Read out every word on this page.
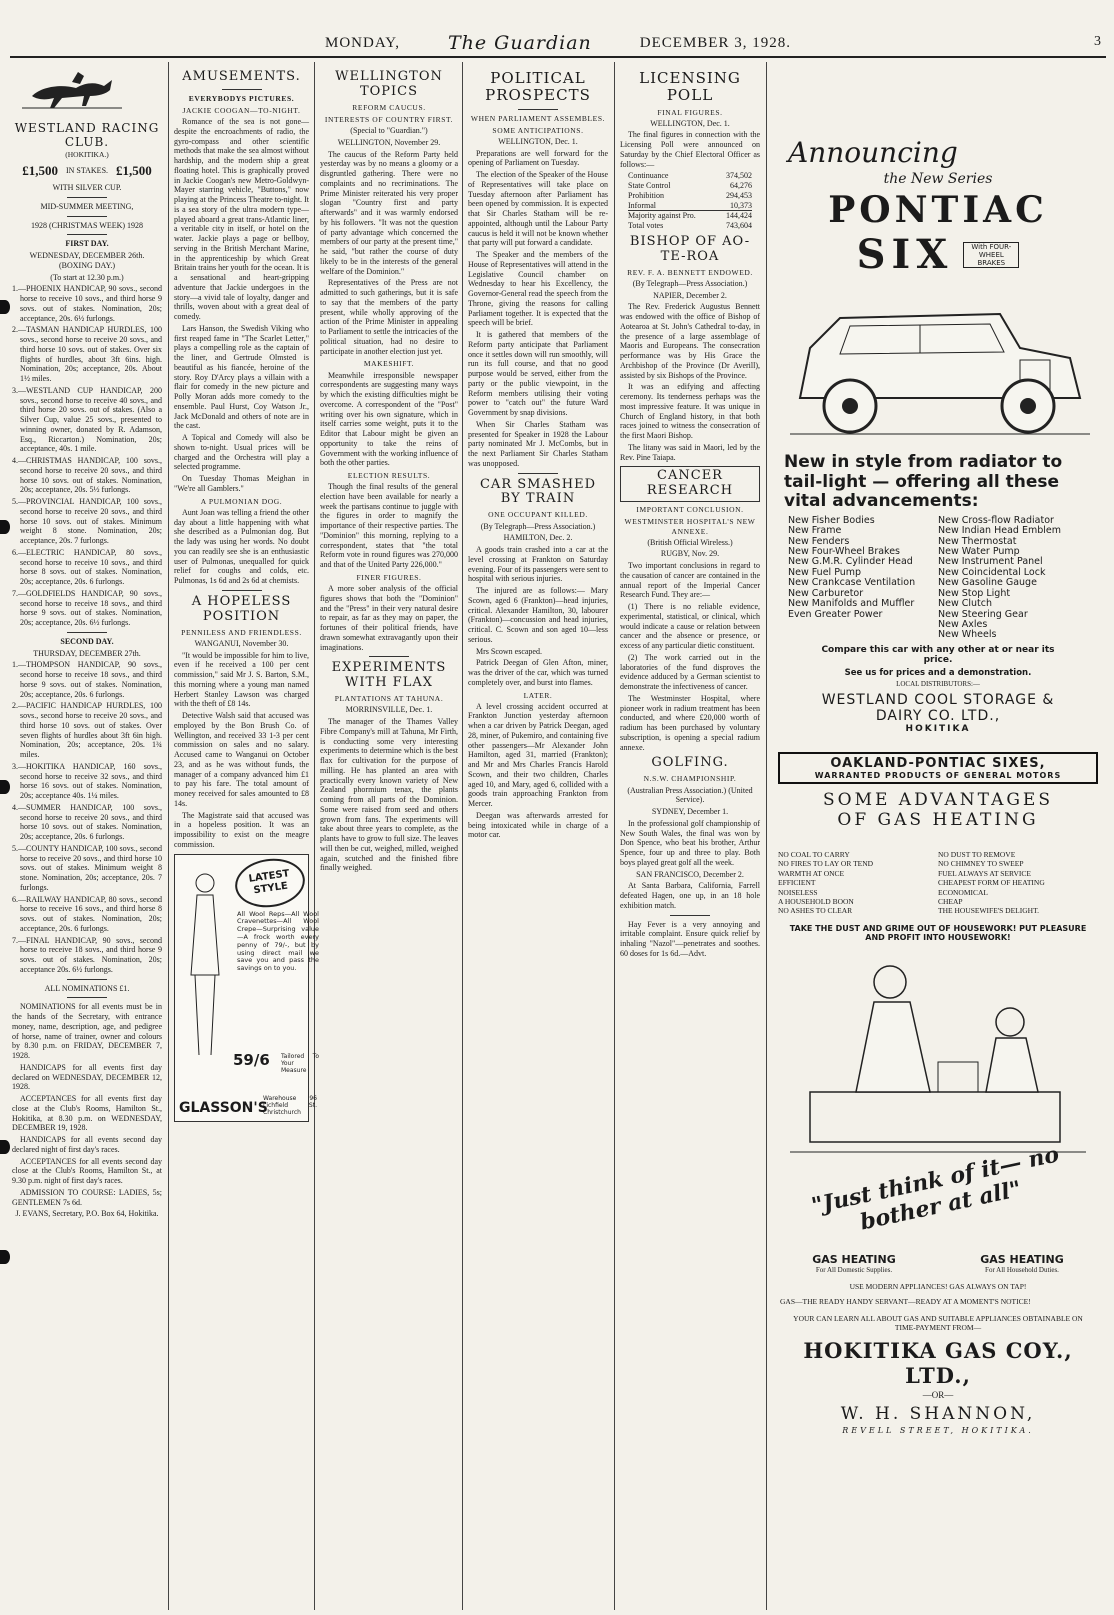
MONDAY,	The Guardian	DECEMBER 3, 1928.	3
WESTLAND RACING CLUB.
(HOKITIKA.)
£1,500 IN STAKES. £1,500

WITH SILVER CUP.

MID-SUMMER MEETING,

1928 (CHRISTMAS WEEK) 1928

FIRST DAY.

WEDNESDAY, DECEMBER 26th. (BOXING DAY.)

(To start at 12.30 p.m.)

1.—PHOENIX HANDICAP, 90 sovs., second horse to receive 10 sovs., and third horse 9 sovs. out of stakes. Nomination, 20s; acceptance, 20s. 6½ furlongs.

2.—TASMAN HANDICAP HURDLES, 100 sovs., second horse to receive 20 sovs., and third horse 10 sovs. out of stakes. Over six flights of hurdles, about 3ft 6ins. high. Nomination, 20s; acceptance, 20s. About 1½ miles.

3.—WESTLAND CUP HANDICAP, 200 sovs., second horse to receive 40 sovs., and third horse 20 sovs. out of stakes. (Also a Silver Cup, value 25 sovs., presented to winning owner, donated by R. Adamson, Esq., Riccarton.) Nomination, 20s; acceptance, 40s. 1 mile.

4.—CHRISTMAS HANDICAP, 100 sovs., second horse to receive 20 sovs., and third horse 10 sovs. out of stakes. Nomination, 20s; acceptance, 20s. 5½ furlongs.

5.—PROVINCIAL HANDICAP, 100 sovs., second horse to receive 20 sovs., and third horse 10 sovs. out of stakes. Minimum weight 8 stone. Nomination, 20s; acceptance, 20s. 7 furlongs.

6.—ELECTRIC HANDICAP, 80 sovs., second horse to receive 10 sovs., and third horse 8 sovs. out of stakes. Nomination, 20s; acceptance, 20s. 6 furlongs.

7.—GOLDFIELDS HANDICAP, 90 sovs., second horse to receive 18 sovs., and third horse 9 sovs. out of stakes. Nomination, 20s; acceptance, 20s. 6½ furlongs.

SECOND DAY.

THURSDAY, DECEMBER 27th.

1.—THOMPSON HANDICAP, 90 sovs., second horse to receive 18 sovs., and third horse 9 sovs. out of stakes. Nomination, 20s; acceptance, 20s. 6 furlongs.

2.—PACIFIC HANDICAP HURDLES, 100 sovs., second horse to receive 20 sovs., and third horse 10 sovs. out of stakes. Over seven flights of hurdles about 3ft 6in high. Nomination, 20s; acceptance, 20s. 1¾ miles.

3.—HOKITIKA HANDICAP, 160 sovs., second horse to receive 32 sovs., and third horse 16 sovs. out of stakes. Nomination, 20s; acceptance 40s. 1¼ miles.

4.—SUMMER HANDICAP, 100 sovs., second horse to receive 20 sovs., and third horse 10 sovs. out of stakes. Nomination, 20s; acceptance, 20s. 6 furlongs.

5.—COUNTY HANDICAP, 100 sovs., second horse to receive 20 sovs., and third horse 10 sovs. out of stakes. Minimum weight 8 stone. Nomination, 20s; acceptance, 20s. 7 furlongs.

6.—RAILWAY HANDICAP, 80 sovs., second horse to receive 16 sovs., and third horse 8 sovs. out of stakes. Nomination, 20s; acceptance, 20s. 6 furlongs.

7.—FINAL HANDICAP, 90 sovs., second horse to receive 18 sovs., and third horse 9 sovs. out of stakes. Nomination, 20s; acceptance 20s. 6½ furlongs.

ALL NOMINATIONS £1.

NOMINATIONS for all events must be in the hands of the Secretary, with entrance money, name, description, age, and pedigree of horse, name of trainer, owner and colours by 8.30 p.m. on FRIDAY, DECEMBER 7, 1928.

HANDICAPS for all events first day declared on WEDNESDAY, DECEMBER 12, 1928.

ACCEPTANCES for all events first day close at the Club's Rooms, Hamilton St., Hokitika, at 8.30 p.m. on WEDNESDAY, DECEMBER 19, 1928.

HANDICAPS for all events second day declared night of first day's races.

ACCEPTANCES for all events second day close at the Club's Rooms, Hamilton St., at 9.30 p.m. night of first day's races.

ADMISSION TO COURSE: LADIES, 5s; GENTLEMEN 7s 6d.

J. EVANS, Secretary, P.O. Box 64, Hokitika.

AMUSEMENTS.

EVERYBODYS PICTURES.

JACKIE COOGAN—TO-NIGHT.

Romance of the sea is not gone—despite the encroachments of radio, the gyro-compass and other scientific methods that make the sea almost without hardship, and the modern ship a great floating hotel. This is graphically proved in Jackie Coogan's new Metro-Goldwyn-Mayer starring vehicle, "Buttons," now playing at the Princess Theatre to-night. It is a sea story of the ultra modern type—played aboard a great trans-Atlantic liner, a veritable city in itself, or hotel on the water. Jackie plays a page or bellboy, serving in the British Merchant Marine, in the apprenticeship by which Great Britain trains her youth for the ocean. It is a sensational and heart-gripping adventure that Jackie undergoes in the story—a vivid tale of loyalty, danger and thrills, woven about with a great deal of comedy.

Lars Hanson, the Swedish Viking who first reaped fame in "The Scarlet Letter," plays a compelling role as the captain of the liner, and Gertrude Olmsted is beautiful as his fiancée, heroine of the story. Roy D'Arcy plays a villain with a flair for comedy in the new picture and Polly Moran adds more comedy to the ensemble. Paul Hurst, Coy Watson Jr., Jack McDonald and others of note are in the cast.

A Topical and Comedy will also be shown to-night. Usual prices will be charged and the Orchestra will play a selected programme.

On Tuesday Thomas Meighan in "We're all Gamblers."

A PULMONIAN DOG.

Aunt Joan was telling a friend the other day about a little happening with what she described as a Pulmonian dog. But the lady was using her words. No doubt you can readily see she is an enthusiastic user of Pulmonas, unequalled for quick relief for coughs and colds, etc. Pulmonas, 1s 6d and 2s 6d at chemists.

A HOPELESS POSITION

PENNILESS AND FRIENDLESS.

WANGANUI, November 30.

"It would be impossible for him to live, even if he received a 100 per cent commission," said Mr J. S. Barton, S.M., this morning where a young man named Herbert Stanley Lawson was charged with the theft of £8 14s.

Detective Walsh said that accused was employed by the Bon Brush Co. of Wellington, and received 33 1-3 per cent commission on sales and no salary. Accused came to Wanganui on October 23, and as he was without funds, the manager of a company advanced him £1 to pay his fare. The total amount of money received for sales amounted to £8 14s.

The Magistrate said that accused was in a hopeless position. It was an impossibility to exist on the meagre commission.

LATEST STYLE
All Wool Reps—All Wool Cravenettes—All Wool Crepe—Surprising value—A frock worth every penny of 79/-, but by using direct mail we save you and pass the savings on to you.
59/6 Tailored To Your Measure
GLASSON'S
Warehouse 96 Lichfield St. Christchurch
WELLINGTON TOPICS

REFORM CAUCUS.

INTERESTS OF COUNTRY FIRST.

(Special to "Guardian.")

WELLINGTON, November 29.

The caucus of the Reform Party held yesterday was by no means a gloomy or a disgruntled gathering. There were no complaints and no recriminations. The Prime Minister reiterated his very proper slogan "Country first and party afterwards" and it was warmly endorsed by his followers. "It was not the question of party advantage which concerned the members of our party at the present time," he said, "but rather the course of duty likely to be in the interests of the general welfare of the Dominion."

Representatives of the Press are not admitted to such gatherings, but it is safe to say that the members of the party present, while wholly approving of the action of the Prime Minister in appealing to Parliament to settle the intricacies of the political situation, had no desire to participate in another election just yet.

MAKESHIFT.

Meanwhile irresponsible newspaper correspondents are suggesting many ways by which the existing difficulties might be overcome. A correspondent of the "Post" writing over his own signature, which in itself carries some weight, puts it to the Editor that Labour might be given an opportunity to take the reins of Government with the working influence of both the other parties.

ELECTION RESULTS.

Though the final results of the general election have been available for nearly a week the partisans continue to juggle with the figures in order to magnify the importance of their respective parties. The "Dominion" this morning, replying to a correspondent, states that "the total Reform vote in round figures was 270,000 and that of the United Party 226,000."

FINER FIGURES.

A more sober analysis of the official figures shows that both the "Dominion" and the "Press" in their very natural desire to repair, as far as they may on paper, the fortunes of their political friends, have drawn somewhat extravagantly upon their imaginations.

EXPERIMENTS WITH FLAX

PLANTATIONS AT TAHUNA.

MORRINSVILLE, Dec. 1.

The manager of the Thames Valley Fibre Company's mill at Tahuna, Mr Firth, is conducting some very interesting experiments to determine which is the best flax for cultivation for the purpose of milling. He has planted an area with practically every known variety of New Zealand phormium tenax, the plants coming from all parts of the Dominion. Some were raised from seed and others grown from fans. The experiments will take about three years to complete, as the plants have to grow to full size. The leaves will then be cut, weighed, milled, weighed again, scutched and the finished fibre finally weighed.

POLITICAL PROSPECTS

WHEN PARLIAMENT ASSEMBLES.

SOME ANTICIPATIONS.

WELLINGTON, Dec. 1.

Preparations are well forward for the opening of Parliament on Tuesday.

The election of the Speaker of the House of Representatives will take place on Tuesday afternoon after Parliament has been opened by commission. It is expected that Sir Charles Statham will be re-appointed, although until the Labour Party caucus is held it will not be known whether that party will put forward a candidate.

The Speaker and the members of the House of Representatives will attend in the Legislative Council chamber on Wednesday to hear his Excellency, the Governor-General read the speech from the Throne, giving the reasons for calling Parliament together. It is expected that the speech will be brief.

It is gathered that members of the Reform party anticipate that Parliament once it settles down will run smoothly, will run its full course, and that no good purpose would be served, either from the party or the public viewpoint, in the Reform members utilising their voting power to "catch out" the future Ward Government by snap divisions.

When Sir Charles Statham was presented for Speaker in 1928 the Labour party nominated Mr J. McCombs, but in the next Parliament Sir Charles Statham was unopposed.

CAR SMASHED BY TRAIN

ONE OCCUPANT KILLED.

(By Telegraph—Press Association.)

HAMILTON, Dec. 2.

A goods train crashed into a car at the level crossing at Frankton on Saturday evening. Four of its passengers were sent to hospital with serious injuries.

The injured are as follows:— Mary Scown, aged 6 (Frankton)—head injuries, critical. Alexander Hamilton, 30, labourer (Frankton)—concussion and head injuries, critical. C. Scown and son aged 10—less serious.

Mrs Scown escaped.

Patrick Deegan of Glen Afton, miner, was the driver of the car, which was turned completely over, and burst into flames.

LATER.

A level crossing accident occurred at Frankton Junction yesterday afternoon when a car driven by Patrick Deegan, aged 28, miner, of Pukemiro, and containing five other passengers—Mr Alexander John Hamilton, aged 31, married (Frankton); and Mr and Mrs Charles Francis Harold Scown, and their two children, Charles aged 10, and Mary, aged 6, collided with a goods train approaching Frankton from Mercer.

Deegan was afterwards arrested for being intoxicated while in charge of a motor car.

LICENSING POLL

FINAL FIGURES.

WELLINGTON, Dec. 1.

The final figures in connection with the Licensing Poll were announced on Saturday by the Chief Electoral Officer as follows:—

Continuance	374,502
State Control	64,276
Prohibition	294,453
Informal	10,373
Majority against Pro.	144,424
Total votes	743,604
BISHOP OF AO-TE-ROA

REV. F. A. BENNETT ENDOWED.

(By Telegraph—Press Association.)

NAPIER, December 2.

The Rev. Frederick Augustus Bennett was endowed with the office of Bishop of Aotearoa at St. John's Cathedral to-day, in the presence of a large assemblage of Maoris and Europeans. The consecration performance was by His Grace the Archbishop of the Province (Dr Averill), assisted by six Bishops of the Province.

It was an edifying and affecting ceremony. Its tenderness perhaps was the most impressive feature. It was unique in Church of England history, in that both races joined to witness the consecration of the first Maori Bishop.

The litany was said in Maori, led by the Rev. Pine Taiapa.

CANCER RESEARCH

IMPORTANT CONCLUSION.

WESTMINSTER HOSPITAL'S NEW ANNEXE.

(British Official Wireless.)

RUGBY, Nov. 29.

Two important conclusions in regard to the causation of cancer are contained in the annual report of the Imperial Cancer Research Fund. They are:—

(1) There is no reliable evidence, experimental, statistical, or clinical, which would indicate a cause or relation between cancer and the absence or presence, or excess of any particular dietic constituent.

(2) The work carried out in the laboratories of the fund disproves the evidence adduced by a German scientist to demonstrate the infectiveness of cancer.

The Westminster Hospital, where pioneer work in radium treatment has been conducted, and where £20,000 worth of radium has been purchased by voluntary subscription, is opening a special radium annexe.

GOLFING.

N.S.W. CHAMPIONSHIP.

(Australian Press Association.) (United Service).

SYDNEY, December 1.

In the professional golf championship of New South Wales, the final was won by Don Spence, who beat his brother, Arthur Spence, four up and three to play. Both boys played great golf all the week.

SAN FRANCISCO, December 2.

At Santa Barbara, California, Farrell defeated Hagen, one up, in an 18 hole exhibition match.

Hay Fever is a very annoying and irritable complaint. Ensure quick relief by inhaling "Nazol"—penetrates and soothes. 60 doses for 1s 6d.—Advt.

Announcing
the New Series
PONTIAC
SIX	With FOUR-WHEEL BRAKES
New in style from radiator to tail-light — offering all these vital advancements:
New Fisher Bodies
New Frame
New Fenders
New Four-Wheel Brakes
New G.M.R. Cylinder Head
New Fuel Pump
New Crankcase Ventilation
New Carburetor
New Manifolds and Muffler
Even Greater Power
New Cross-flow Radiator
New Indian Head Emblem
New Thermostat
New Water Pump
New Instrument Panel
New Coincidental Lock
New Gasoline Gauge
New Stop Light
New Clutch
New Steering Gear
New Axles
New Wheels
Compare this car with any other at or near its price.
See us for prices and a demonstration.
LOCAL DISTRIBUTORS:—
WESTLAND COOL STORAGE & DAIRY CO. LTD.,
HOKITIKA
OAKLAND-PONTIAC SIXES,
WARRANTED PRODUCTS OF GENERAL MOTORS
SOME ADVANTAGES
OF GAS HEATING
NO COAL TO CARRY
NO FIRES TO LAY OR TEND
WARMTH AT ONCE
EFFICIENT
NOISELESS
A HOUSEHOLD BOON
NO ASHES TO CLEAR
NO DUST TO REMOVE
NO CHIMNEY TO SWEEP
FUEL ALWAYS AT SERVICE
CHEAPEST FORM OF HEATING
ECONOMICAL
CHEAP
THE HOUSEWIFE'S DELIGHT.
TAKE THE DUST AND GRIME OUT OF HOUSEWORK! PUT PLEASURE AND PROFIT INTO HOUSEWORK!
"Just think of it— no bother at all"
GAS HEATING
For All Domestic Supplies.
GAS HEATING
For All Household Duties.
USE MODERN APPLIANCES! GAS ALWAYS ON TAP!
GAS—THE READY HANDY SERVANT—READY AT A MOMENT'S NOTICE!
YOUR CAN LEARN ALL ABOUT GAS AND SUITABLE APPLIANCES OBTAINABLE ON TIME-PAYMENT FROM—
HOKITIKA GAS COY., LTD.,
—OR—
W. H. SHANNON,
REVELL STREET, HOKITIKA.
